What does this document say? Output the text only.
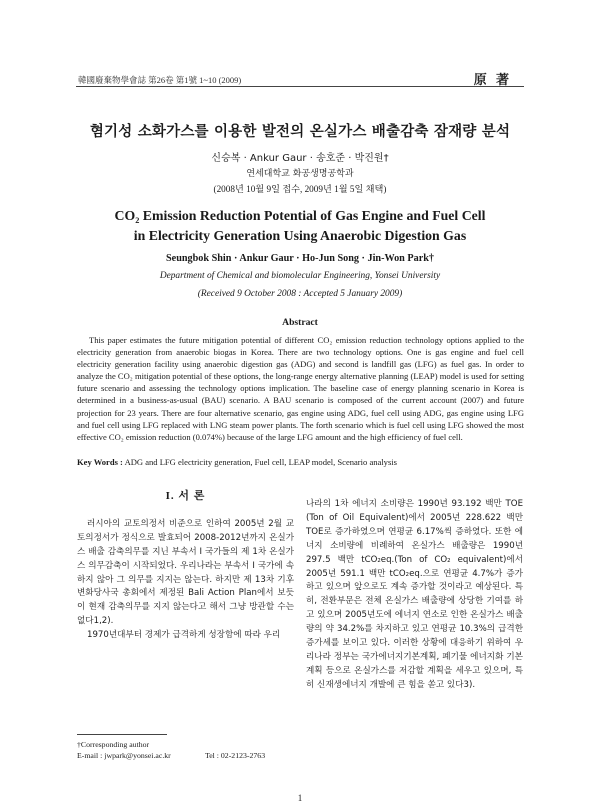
韓國廢棄物學會誌 第26卷 第1號 1~10 (2009)	原 著
혐기성 소화가스를 이용한 발전의 온실가스 배출감축 잠재량 분석
신승복 · Ankur Gaur · 송호준 · 박진원†
연세대학교 화공생명공학과
(2008년 10월 9일 접수, 2009년 1월 5일 채택)
CO₂ Emission Reduction Potential of Gas Engine and Fuel Cell
in Electricity Generation Using Anaerobic Digestion Gas
Seungbok Shin · Ankur Gaur · Ho-Jun Song · Jin-Won Park†
Department of Chemical and biomolecular Engineering, Yonsei University
(Received 9 October 2008 : Accepted 5 January 2009)
Abstract

This paper estimates the future mitigation potential of different CO₂ emission reduction technology options applied to the electricity generation from anaerobic biogas in Korea. There are two technology options. One is gas engine and fuel cell electricity generation facility using anaerobic digestion gas (ADG) and second is landfill gas (LFG) as fuel gas. In order to analyze the CO₂ mitigation potential of these options, the long-range energy alternative planning (LEAP) model is used for setting future scenario and assessing the technology options implication. The baseline case of energy planning scenario in Korea is determined in a business-as-usual (BAU) scenario. A BAU scenario is composed of the current account (2007) and future projection for 23 years. There are four alternative scenario, gas engine using ADG, fuel cell using ADG, gas engine using LFG and fuel cell using LFG replaced with LNG steam power plants. The forth scenario which is fuel cell using LFG showed the most effective CO₂ emission reduction (0.074%) because of the large LFG amount and the high efficiency of fuel cell.

Key Words : ADG and LFG electricity generation, Fuel cell, LEAP model, Scenario analysis
I. 서 론

러시아의 교토의정서 비준으로 인하여 2005년 2월 교토의정서가 정식으로 발효되어 2008-2012년까지 온실가스 배출 감축의무를 지닌 부속서 I 국가들의 제 1차 온실가스 의무감축이 시작되었다. 우리나라는 부속서 I 국가에 속하지 않아 그 의무를 지지는 않는다. 하지만 제 13차 기후변화당사국 총회에서 제정된 Bali Action Plan에서 보듯이 현재 감축의무를 지지 않는다고 해서 그냥 방관할 수는 없다1,2).

1970년대부터 경제가 급격하게 성장함에 따라 우리

나라의 1차 에너지 소비량은 1990년 93.192 백만 TOE (Ton of Oil Equivalent)에서 2005년 228.622 백만 TOE로 증가하였으며 연평균 6.17%씩 증하였다. 또한 에너지 소비량에 비례하여 온실가스 배출량은 1990년 297.5 백만 tCO₂eq.(Ton of CO₂ equivalent)에서 2005년 591.1 백만 tCO₂eq.으로 연평균 4.7%가 증가하고 있으며 앞으로도 계속 증가할 것이라고 예상된다. 특히, 전환부문은 전체 온실가스 배출량에 상당한 기여를 하고 있으며 2005년도에 에너지 연소로 인한 온실가스 배출량의 약 34.2%를 차지하고 있고 연평균 10.3%의 급격한 증가세를 보이고 있다. 이러한 상황에 대응하기 위하여 우리나라 정부는 국가에너지기본계획, 폐기물 에너지화 기본계획 등으로 온실가스를 저감할 계획을 세우고 있으며, 특히 신재생에너지 개발에 큰 힘을 쏟고 있다3).

†Corresponding author
E-mail : jwpark@yonsei.ac.kr	Tel : 02-2123-2763
1
